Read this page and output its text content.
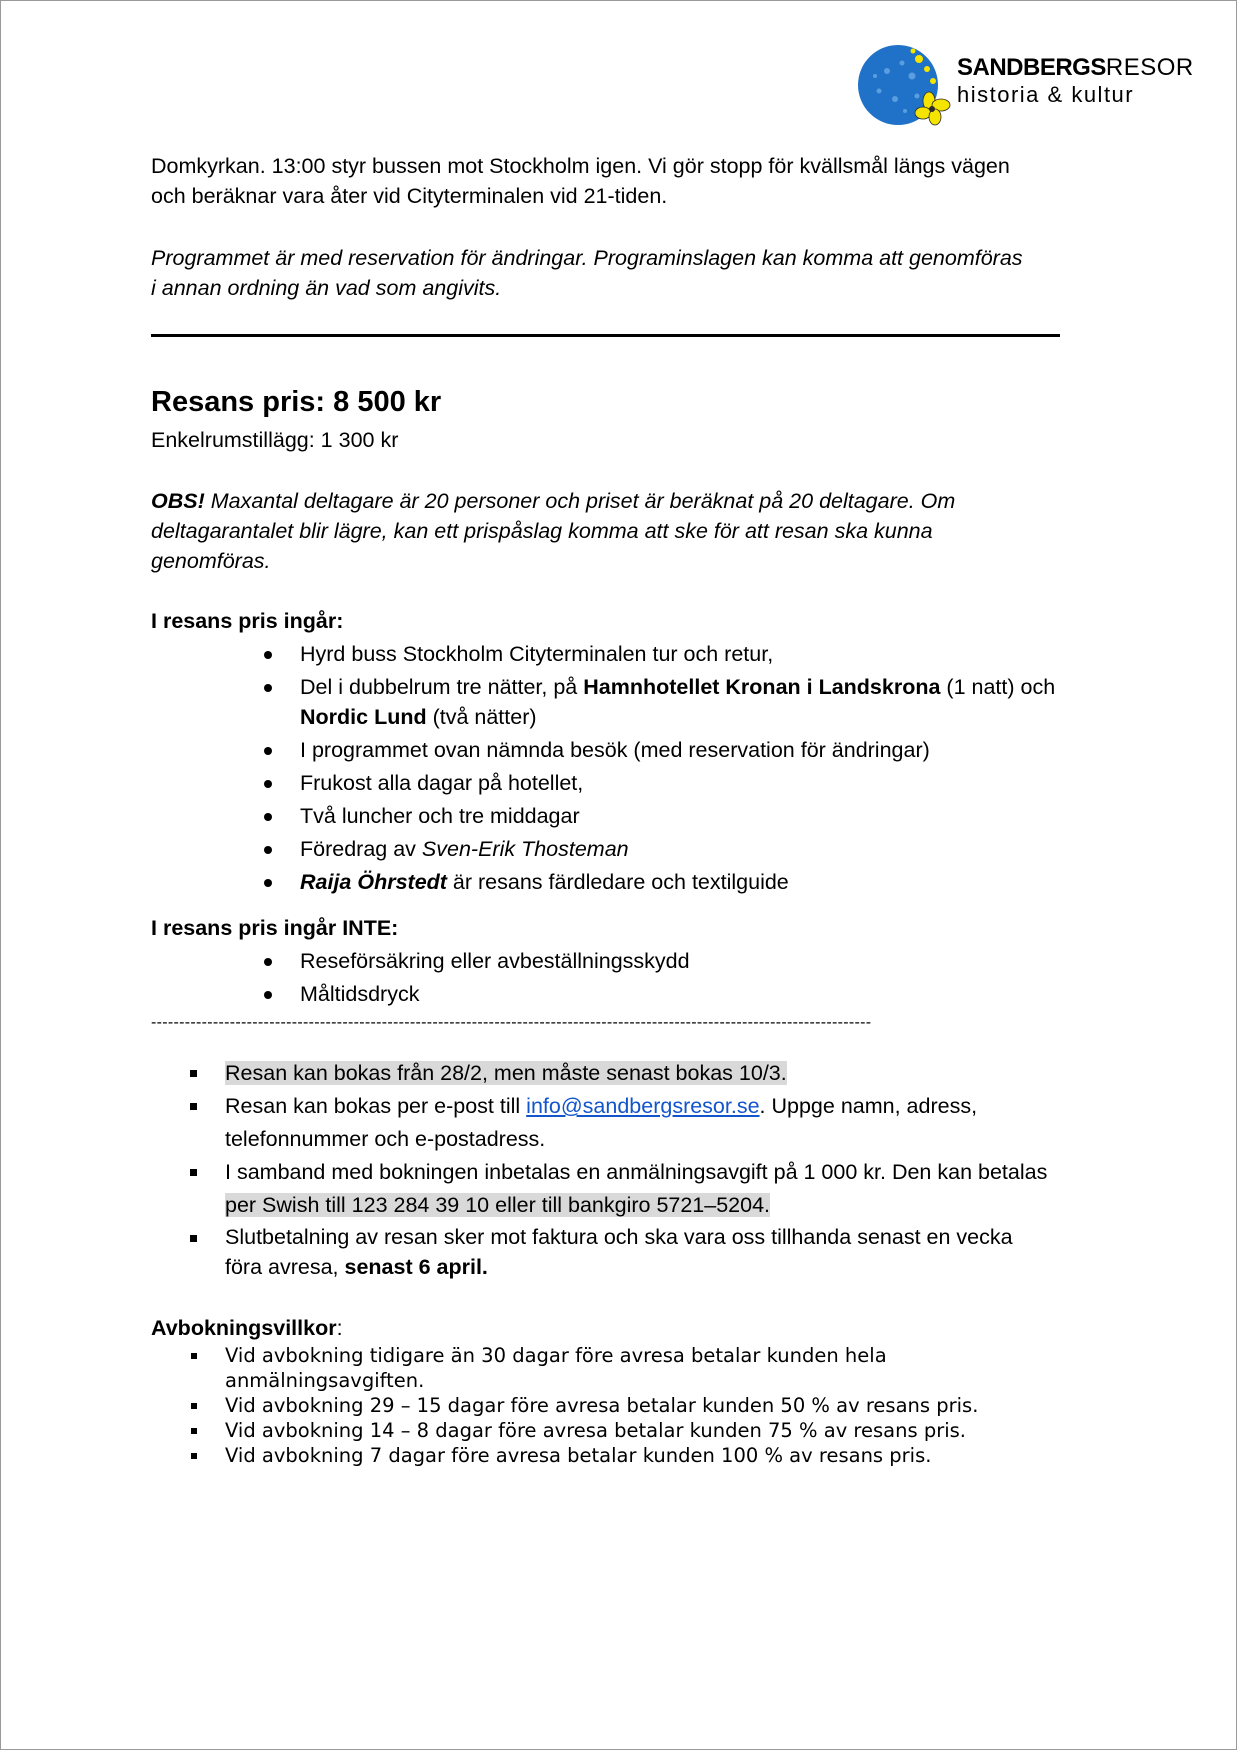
SANDBERGSRESOR
historia & kultur
Domkyrkan. 13:00 styr bussen mot Stockholm igen. Vi gör stopp för kvällsmål längs vägen
och beräknar vara åter vid Cityterminalen vid 21-tiden.
Programmet är med reservation för ändringar. Programinslagen kan komma att genomföras
i annan ordning än vad som angivits.
Resans pris: 8 500 kr
Enkelrumstillägg: 1 300 kr
OBS! Maxantal deltagare är 20 personer och priset är beräknat på 20 deltagare. Om
deltagarantalet blir lägre, kan ett prispåslag komma att ske för att resan ska kunna
genomföras.
I resans pris ingår:
Hyrd buss Stockholm Cityterminalen tur och retur,
Del i dubbelrum tre nätter, på Hamnhotellet Kronan i Landskrona (1 natt) och
Nordic Lund (två nätter)
I programmet ovan nämnda besök (med reservation för ändringar)
Frukost alla dagar på hotellet,
Två luncher och tre middagar
Föredrag av Sven-Erik Thosteman
Raija Öhrstedt är resans färdledare och textilguide
I resans pris ingår INTE:
Reseförsäkring eller avbeställningsskydd
Måltidsdryck
--------------------------------------------------------------------------------------------------------------------------------
Resan kan bokas från 28/2, men måste senast bokas 10/3.
Resan kan bokas per e-post till info@sandbergsresor.se. Uppge namn, adress,
telefonnummer och e-postadress.
I samband med bokningen inbetalas en anmälningsavgift på 1 000 kr. Den kan betalas
per Swish till 123 284 39 10 eller till bankgiro 5721–5204.
Slutbetalning av resan sker mot faktura och ska vara oss tillhanda senast en vecka
föra avresa, senast 6 april.
Avbokningsvillkor:
Vid avbokning tidigare än 30 dagar före avresa betalar kunden hela anmälningsavgiften.
Vid avbokning 29 – 15 dagar före avresa betalar kunden 50 % av resans pris.
Vid avbokning 14 – 8 dagar före avresa betalar kunden 75 % av resans pris.
Vid avbokning 7 dagar före avresa betalar kunden 100 % av resans pris.
